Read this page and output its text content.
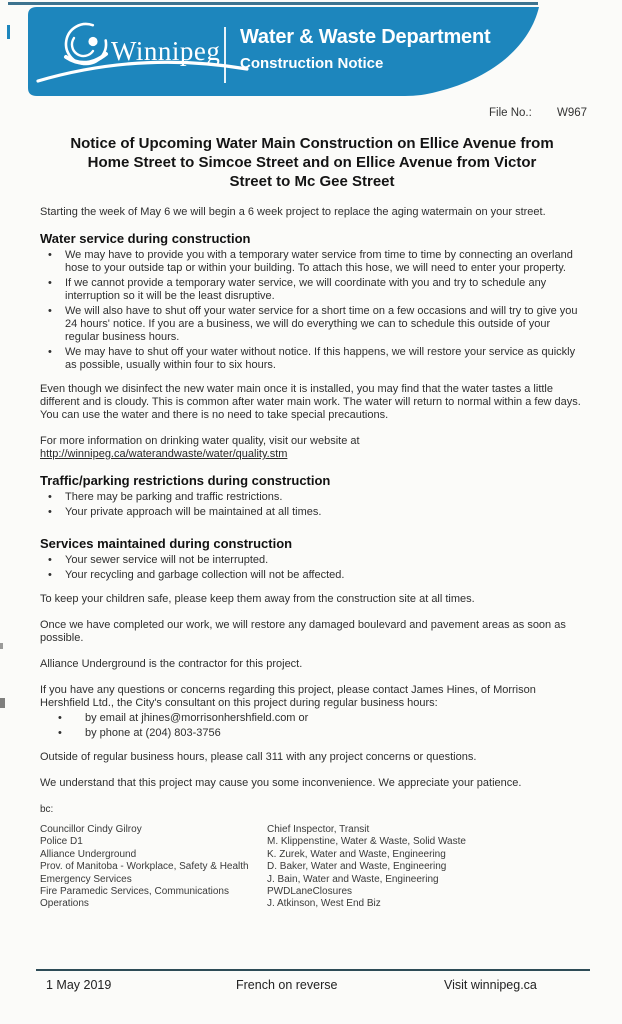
Winnipeg Water & Waste Department
Construction Notice
File No.: W967
Notice of Upcoming Water Main Construction on Ellice Avenue from
Home Street to Simcoe Street and on Ellice Avenue from Victor
Street to Mc Gee Street

Starting the week of May 6 we will begin a 6 week project to replace the aging watermain on your street.

Water service during construction
•	We may have to provide you with a temporary water service from time to time by connecting an overland hose to your outside tap or within your building. To attach this hose, we will need to enter your property.
•	If we cannot provide a temporary water service, we will coordinate with you and try to schedule any interruption so it will be the least disruptive.
•	We will also have to shut off your water service for a short time on a few occasions and will try to give you 24 hours' notice. If you are a business, we will do everything we can to schedule this outside of your regular business hours.
•	We may have to shut off your water without notice. If this happens, we will restore your service as quickly as possible, usually within four to six hours.

Even though we disinfect the new water main once it is installed, you may find that the water tastes a little different and is cloudy. This is common after water main work. The water will return to normal within a few days. You can use the water and there is no need to take special precautions.

For more information on drinking water quality, visit our website at
http://winnipeg.ca/waterandwaste/water/quality.stm

Traffic/parking restrictions during construction
•	There may be parking and traffic restrictions.
•	Your private approach will be maintained at all times.
Services maintained during construction
•	Your sewer service will not be interrupted.
•	Your recycling and garbage collection will not be affected.

To keep your children safe, please keep them away from the construction site at all times.

Once we have completed our work, we will restore any damaged boulevard and pavement areas as soon as possible.

Alliance Underground is the contractor for this project.

If you have any questions or concerns regarding this project, please contact James Hines, of Morrison Hershfield Ltd., the City's consultant on this project during regular business hours:

•	by email at jhines@morrisonhershfield.com or
•	by phone at (204) 803-3756

Outside of regular business hours, please call 311 with any project concerns or questions.

We understand that this project may cause you some inconvenience. We appreciate your patience.

bc:
Councillor Cindy Gilroy
Police D1
Alliance Underground
Prov. of Manitoba - Workplace, Safety & Health
Emergency Services
Fire Paramedic Services, Communications Operations
Chief Inspector, Transit
M. Klippenstine, Water & Waste, Solid Waste
K. Zurek, Water and Waste, Engineering
D. Baker, Water and Waste, Engineering
J. Bain, Water and Waste, Engineering
PWDLaneClosures
J. Atkinson, West End Biz
1 May 2019	French on reverse	Visit winnipeg.ca
